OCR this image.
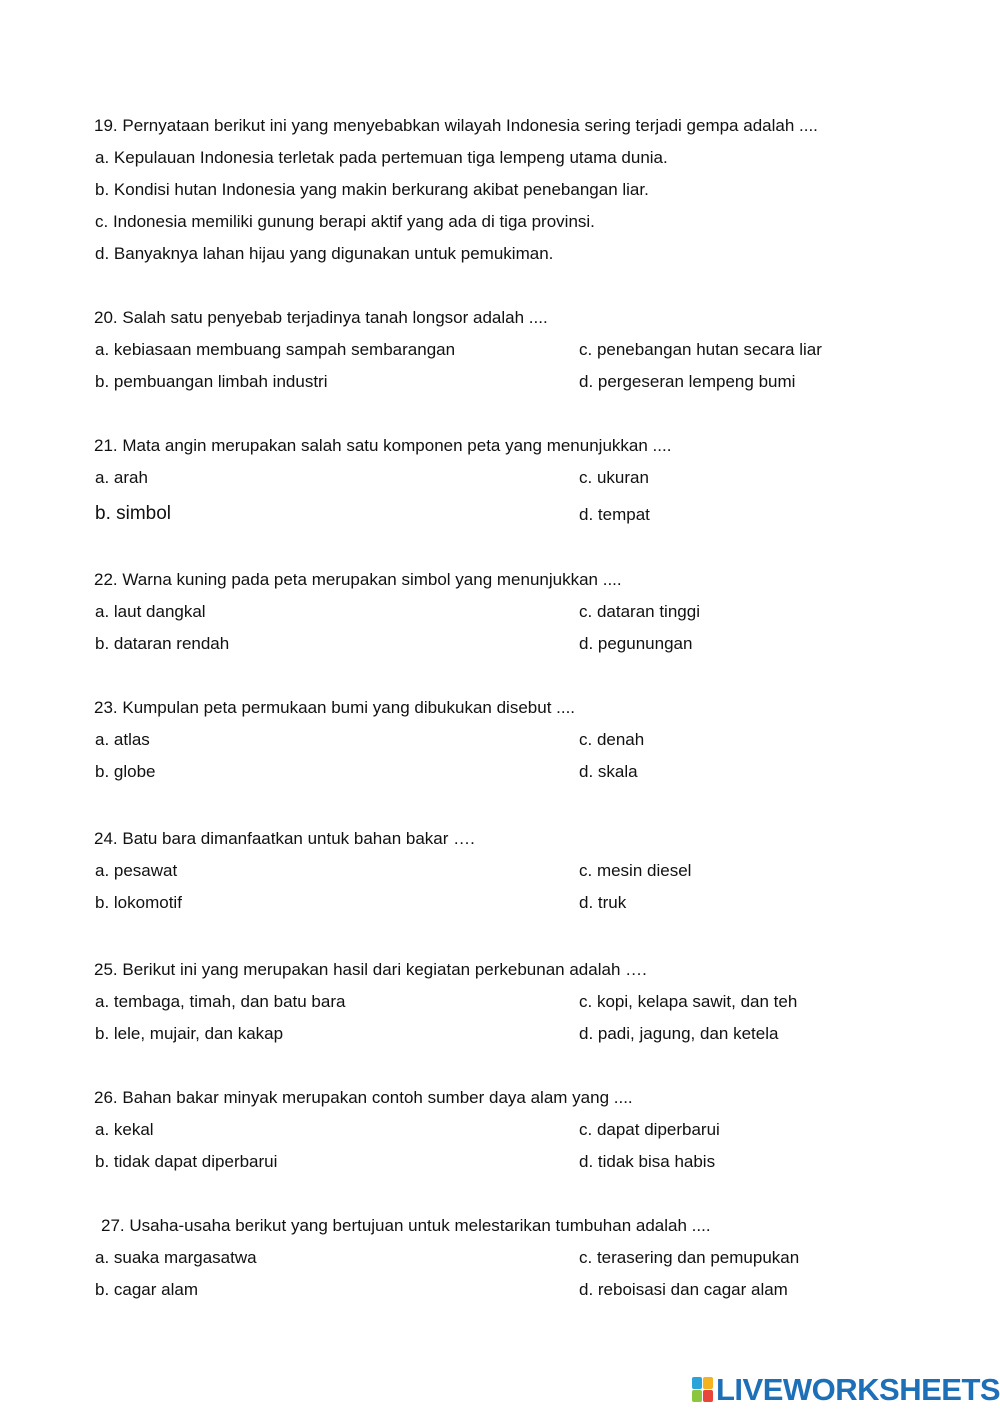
19. Pernyataan berikut ini yang menyebabkan wilayah Indonesia sering terjadi gempa adalah ....
a. Kepulauan Indonesia terletak pada pertemuan tiga lempeng utama dunia.
b. Kondisi hutan Indonesia yang makin berkurang akibat penebangan liar.
c. Indonesia memiliki gunung berapi aktif yang ada di tiga provinsi.
d. Banyaknya lahan hijau yang digunakan untuk pemukiman.
20. Salah satu penyebab terjadinya tanah longsor adalah ....
a. kebiasaan membuang sampah sembarangan
b. pembuangan limbah industri
c. penebangan hutan secara liar
d. pergeseran lempeng bumi
21. Mata angin merupakan salah satu komponen peta yang menunjukkan ....
a. arah
b. simbol
c. ukuran
d. tempat
22. Warna kuning pada peta merupakan simbol yang menunjukkan ....
a. laut dangkal
b. dataran rendah
c. dataran tinggi
d. pegunungan
23. Kumpulan peta permukaan bumi yang dibukukan disebut ....
a. atlas
b. globe
c. denah
d. skala
24. Batu bara dimanfaatkan untuk bahan bakar ….
a. pesawat
b. lokomotif
c. mesin diesel
d. truk
25. Berikut ini yang merupakan hasil dari kegiatan perkebunan adalah ….
a. tembaga, timah, dan batu bara
b. lele, mujair, dan kakap
c. kopi, kelapa sawit, dan teh
d. padi, jagung, dan ketela
26. Bahan bakar minyak merupakan contoh sumber daya alam yang ....
a. kekal
b. tidak dapat diperbarui
c. dapat diperbarui
d. tidak bisa habis
27. Usaha-usaha berikut yang bertujuan untuk melestarikan tumbuhan adalah ....
a. suaka margasatwa
b. cagar alam
c. terasering dan pemupukan
d. reboisasi dan cagar alam
LIVEWORKSHEETS
